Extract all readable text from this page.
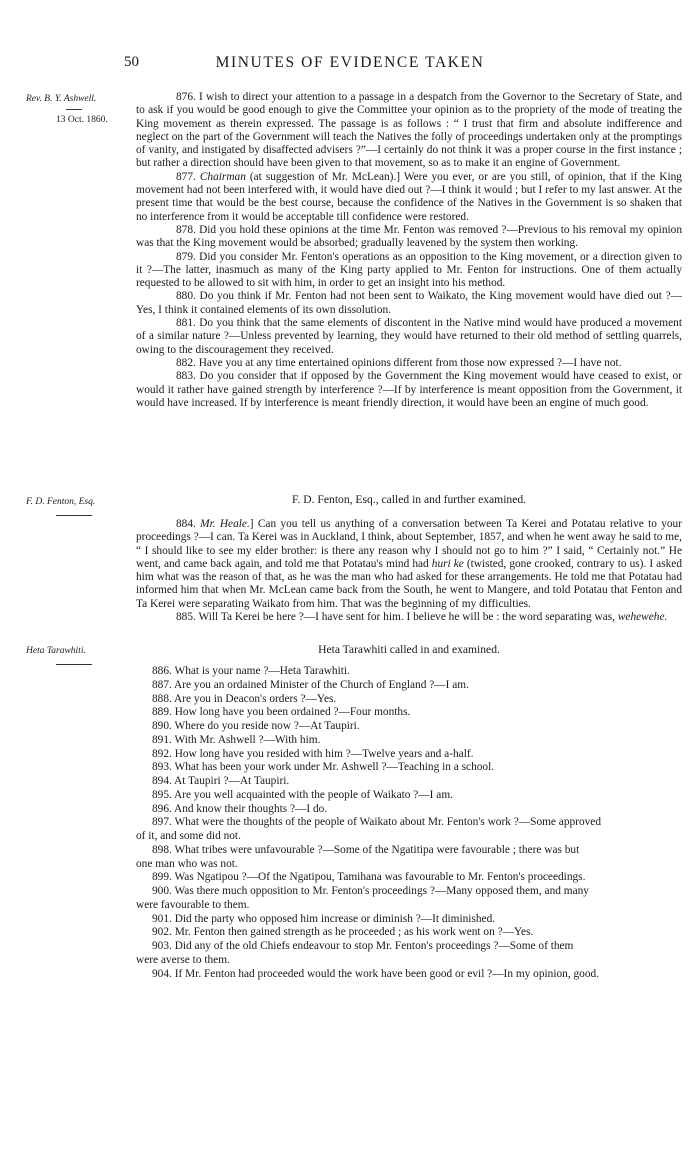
50	MINUTES OF EVIDENCE TAKEN
Rev. B. Y. Ashwell.
13 Oct. 1860.
F. D. Fenton, Esq.
Heta Tarawhiti.

876. I wish to direct your attention to a passage in a despatch from the Governor to the Secretary of State, and to ask if you would be good enough to give the Committee your opinion as to the propriety of the mode of treating the King movement as therein expressed. The passage is as follows : “ I trust that firm and absolute indifference and neglect on the part of the Government will teach the Natives the folly of proceedings undertaken only at the promptings of vanity, and instigated by disaffected advisers ?”—I certainly do not think it was a proper course in the first instance ; but rather a direction should have been given to that movement, so as to make it an engine of Government.

877. Chairman (at suggestion of Mr. McLean).] Were you ever, or are you still, of opinion, that if the King movement had not been interfered with, it would have died out ?—I think it would ; but I refer to my last answer. At the present time that would be the best course, because the confidence of the Natives in the Government is so shaken that no interference from it would be acceptable till confidence were restored.

878. Did you hold these opinions at the time Mr. Fenton was removed ?—Previous to his removal my opinion was that the King movement would be absorbed; gradually leavened by the system then working.

879. Did you consider Mr. Fenton's operations as an opposition to the King movement, or a direction given to it ?—The latter, inasmuch as many of the King party applied to Mr. Fenton for instructions. One of them actually requested to be allowed to sit with him, in order to get an insight into his method.

880. Do you think if Mr. Fenton had not been sent to Waikato, the King movement would have died out ?—Yes, I think it contained elements of its own dissolution.

881. Do you think that the same elements of discontent in the Native mind would have produced a movement of a similar nature ?—Unless prevented by learning, they would have returned to their old method of settling quarrels, owing to the discouragement they received.

882. Have you at any time entertained opinions different from those now expressed ?—I have not.

883. Do you consider that if opposed by the Government the King movement would have ceased to exist, or would it rather have gained strength by interference ?—If by interference is meant opposition from the Government, it would have increased. If by interference is meant friendly direction, it would have been an engine of much good.

F. D. Fenton, Esq., called in and further examined.

884. Mr. Heale.] Can you tell us anything of a conversation between Ta Kerei and Potatau relative to your proceedings ?—I can. Ta Kerei was in Auckland, I think, about September, 1857, and when he went away he said to me, “ I should like to see my elder brother: is there any reason why I should not go to him ?” I said, “ Certainly not.” He went, and came back again, and told me that Potatau's mind had huri ke (twisted, gone crooked, contrary to us). I asked him what was the reason of that, as he was the man who had asked for these arrangements. He told me that Potatau had informed him that when Mr. McLean came back from the South, he went to Mangere, and told Potatau that Fenton and Ta Kerei were separating Waikato from him. That was the beginning of my difficulties.

885. Will Ta Kerei be here ?—I have sent for him. I believe he will be : the word separating was, wehewehe.

Heta Tarawhiti called in and examined.

886. What is your name ?—Heta Tarawhiti.

887. Are you an ordained Minister of the Church of England ?—I am.

888. Are you in Deacon's orders ?—Yes.

889. How long have you been ordained ?—Four months.

890. Where do you reside now ?—At Taupiri.

891. With Mr. Ashwell ?—With him.

892. How long have you resided with him ?—Twelve years and a-half.

893. What has been your work under Mr. Ashwell ?—Teaching in a school.

894. At Taupiri ?—At Taupiri.

895. Are you well acquainted with the people of Waikato ?—I am.

896. And know their thoughts ?—I do.

897. What were the thoughts of the people of Waikato about Mr. Fenton's work ?—Some approved

of it, and some did not.

898. What tribes were unfavourable ?—Some of the Ngatitipa were favourable ; there was but

one man who was not.

899. Was Ngatipou ?—Of the Ngatipou, Tamihana was favourable to Mr. Fenton's proceedings.

900. Was there much opposition to Mr. Fenton's proceedings ?—Many opposed them, and many

were favourable to them.

901. Did the party who opposed him increase or diminish ?—It diminished.

902. Mr. Fenton then gained strength as he proceeded ; as his work went on ?—Yes.

903. Did any of the old Chiefs endeavour to stop Mr. Fenton's proceedings ?—Some of them

were averse to them.

904. If Mr. Fenton had proceeded would the work have been good or evil ?—In my opinion, good.
